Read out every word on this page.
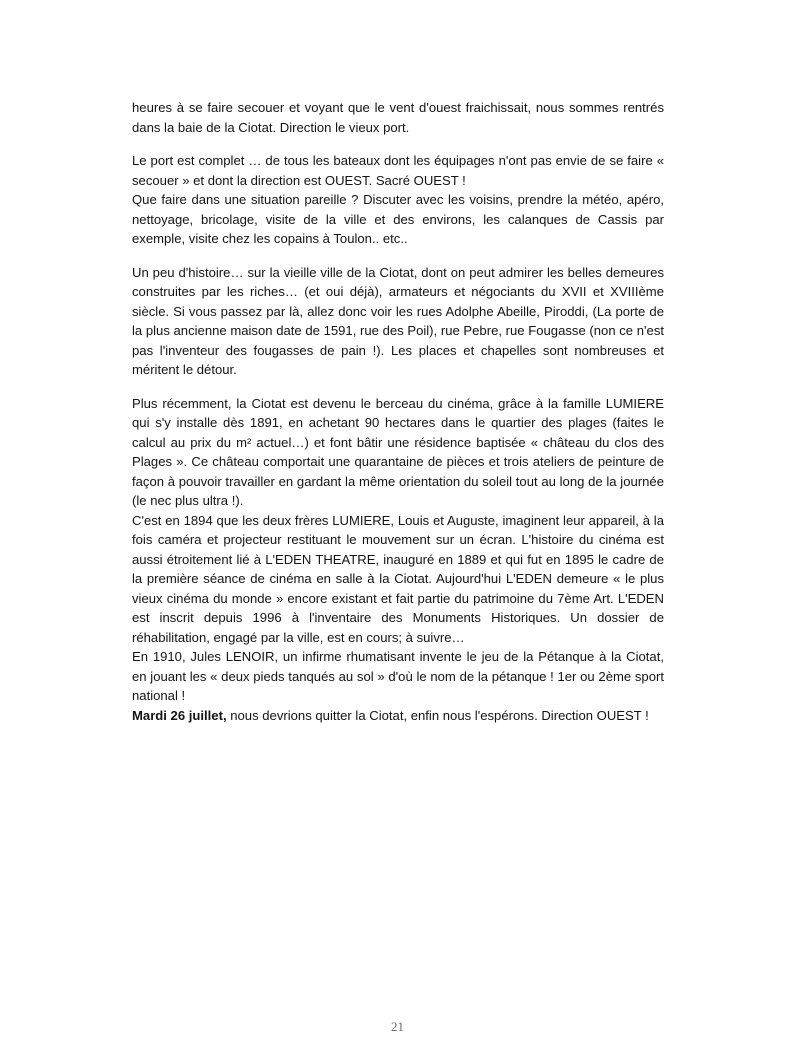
heures à se faire secouer et voyant que le vent d'ouest fraichissait, nous sommes rentrés dans la baie de la Ciotat. Direction le vieux port.

Le port est complet … de tous les bateaux dont les équipages n'ont pas envie de se faire « secouer » et dont la direction est OUEST. Sacré OUEST !
Que faire dans une situation pareille ? Discuter avec les voisins, prendre la météo, apéro, nettoyage, bricolage, visite de la ville et des environs, les calanques de Cassis par exemple, visite chez les copains à Toulon.. etc..

Un peu d'histoire… sur la vieille ville de la Ciotat, dont on peut admirer les belles demeures construites par les riches… (et oui déjà), armateurs et négociants du XVII et XVIIIème siècle. Si vous passez par là, allez donc voir les rues Adolphe Abeille, Piroddi, (La porte de la plus ancienne maison date de 1591, rue des Poil), rue Pebre, rue Fougasse (non ce n'est pas l'inventeur des fougasses de pain !). Les places et chapelles sont nombreuses et méritent le détour.

Plus récemment, la Ciotat est devenu le berceau du cinéma, grâce à la famille LUMIERE qui s'y installe dès 1891, en achetant 90 hectares dans le quartier des plages (faites le calcul au prix du m² actuel…) et font bâtir une résidence baptisée « château du clos des Plages ». Ce château comportait une quarantaine de pièces et trois ateliers de peinture de façon à pouvoir travailler en gardant la même orientation du soleil tout au long de la journée (le nec plus ultra !).
C'est en 1894 que les deux frères LUMIERE, Louis et Auguste, imaginent leur appareil, à la fois caméra et projecteur restituant le mouvement sur un écran. L'histoire du cinéma est aussi étroitement lié à L'EDEN THEATRE, inauguré en 1889 et qui fut en 1895 le cadre de la première séance de cinéma en salle à la Ciotat. Aujourd'hui L'EDEN demeure « le plus vieux cinéma du monde » encore existant et fait partie du patrimoine du 7ème Art. L'EDEN est inscrit depuis 1996 à l'inventaire des Monuments Historiques. Un dossier de réhabilitation, engagé par la ville, est en cours; à suivre…
En 1910, Jules LENOIR, un infirme rhumatisant invente le jeu de la Pétanque à la Ciotat, en jouant les « deux pieds tanqués au sol » d'où le nom de la pétanque ! 1er ou 2ème sport national !
Mardi 26 juillet, nous devrions quitter la Ciotat, enfin nous l'espérons. Direction OUEST !

21
